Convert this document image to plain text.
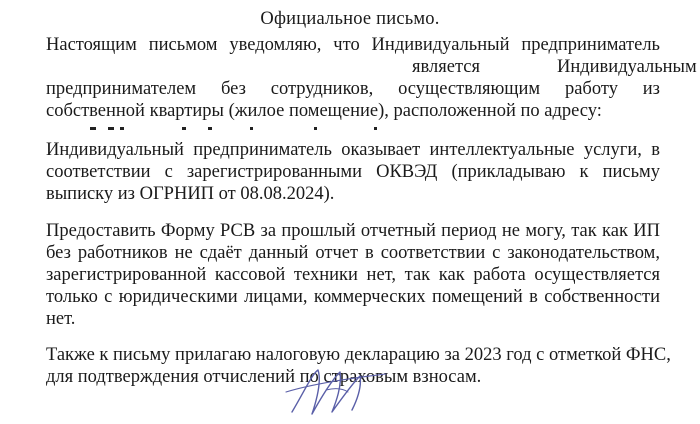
Официальное письмо.
Настоящим письмом уведомляю, что Индивидуальный предприниматель
является	Индивидуальным
предпринимателем без сотрудников, осуществляющим работу из
собственной квартиры (жилое помещение), расположенной по адресу:
Индивидуальный предприниматель оказывает интеллектуальные услуги, в
соответствии с зарегистрированными ОКВЭД (прикладываю к письму
выписку из ОГРНИП от 08.08.2024).
Предоставить Форму РСВ за прошлый отчетный период не могу, так как ИП
без работников не сдаёт данный отчет в соответствии с законодательством,
зарегистрированной кассовой техники нет, так как работа осуществляется
только с юридическими лицами, коммерческих помещений в собственности
нет.
Также к письму прилагаю налоговую декларацию за 2023 год с отметкой ФНС,
для подтверждения отчислений по страховым взносам.
